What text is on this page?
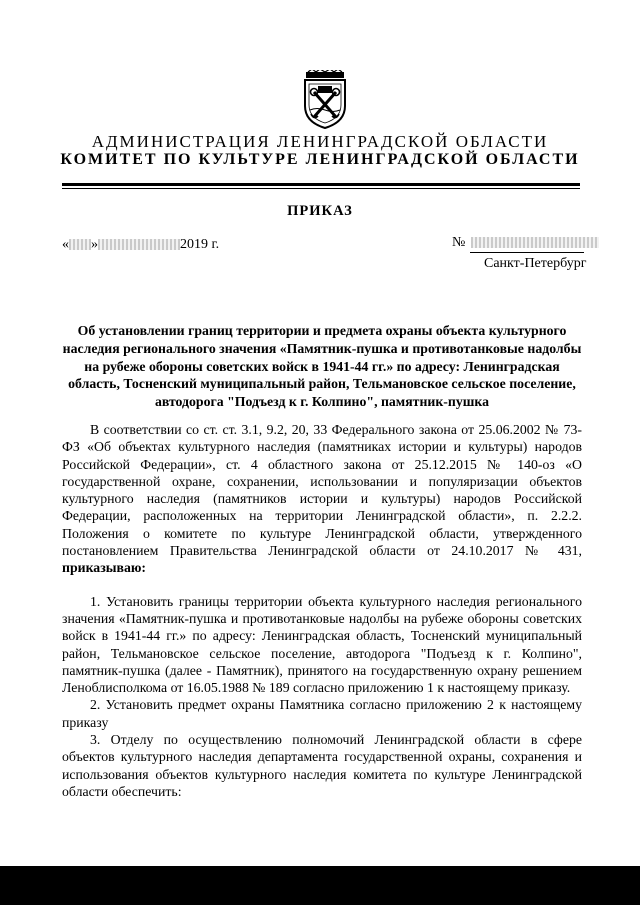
АДМИНИСТРАЦИЯ ЛЕНИНГРАДСКОЙ ОБЛАСТИ
КОМИТЕТ ПО КУЛЬТУРЕ ЛЕНИНГРАДСКОЙ ОБЛАСТИ
ПРИКАЗ
« »	2019 г.	№
Санкт-Петербург
Об установлении границ территории и предмета охраны объекта культурного наследия регионального значения «Памятник-пушка и противотанковые надолбы на рубеже обороны советских войск в 1941-44 гг.» по адресу: Ленинградская область, Тосненский муниципальный район, Тельмановское сельское поселение, автодорога "Подъезд к г. Колпино", памятник-пушка

В соответствии со ст. ст. 3.1, 9.2, 20, 33 Федерального закона от 25.06.2002 № 73-ФЗ «Об объектах культурного наследия (памятниках истории и культуры) народов Российской Федерации», ст. 4 областного закона от 25.12.2015 № 140-оз «О государственной охране, сохранении, использовании и популяризации объектов культурного наследия (памятников истории и культуры) народов Российской Федерации, расположенных на территории Ленинградской области», п. 2.2.2. Положения о комитете по культуре Ленинградской области, утвержденного постановлением Правительства Ленинградской области от 24.10.2017 № 431, приказываю:

1. Установить границы территории объекта культурного наследия регионального значения «Памятник-пушка и противотанковые надолбы на рубеже обороны советских войск в 1941-44 гг.» по адресу: Ленинградская область, Тосненский муниципальный район, Тельмановское сельское поселение, автодорога "Подъезд к г. Колпино", памятник-пушка (далее - Памятник), принятого на государственную охрану решением Леноблисполкома от 16.05.1988 № 189 согласно приложению 1 к настоящему приказу.

2. Установить предмет охраны Памятника согласно приложению 2 к настоящему приказу

3. Отделу по осуществлению полномочий Ленинградской области в сфере объектов культурного наследия департамента государственной охраны, сохранения и использования объектов культурного наследия комитета по культуре Ленинградской области обеспечить:
